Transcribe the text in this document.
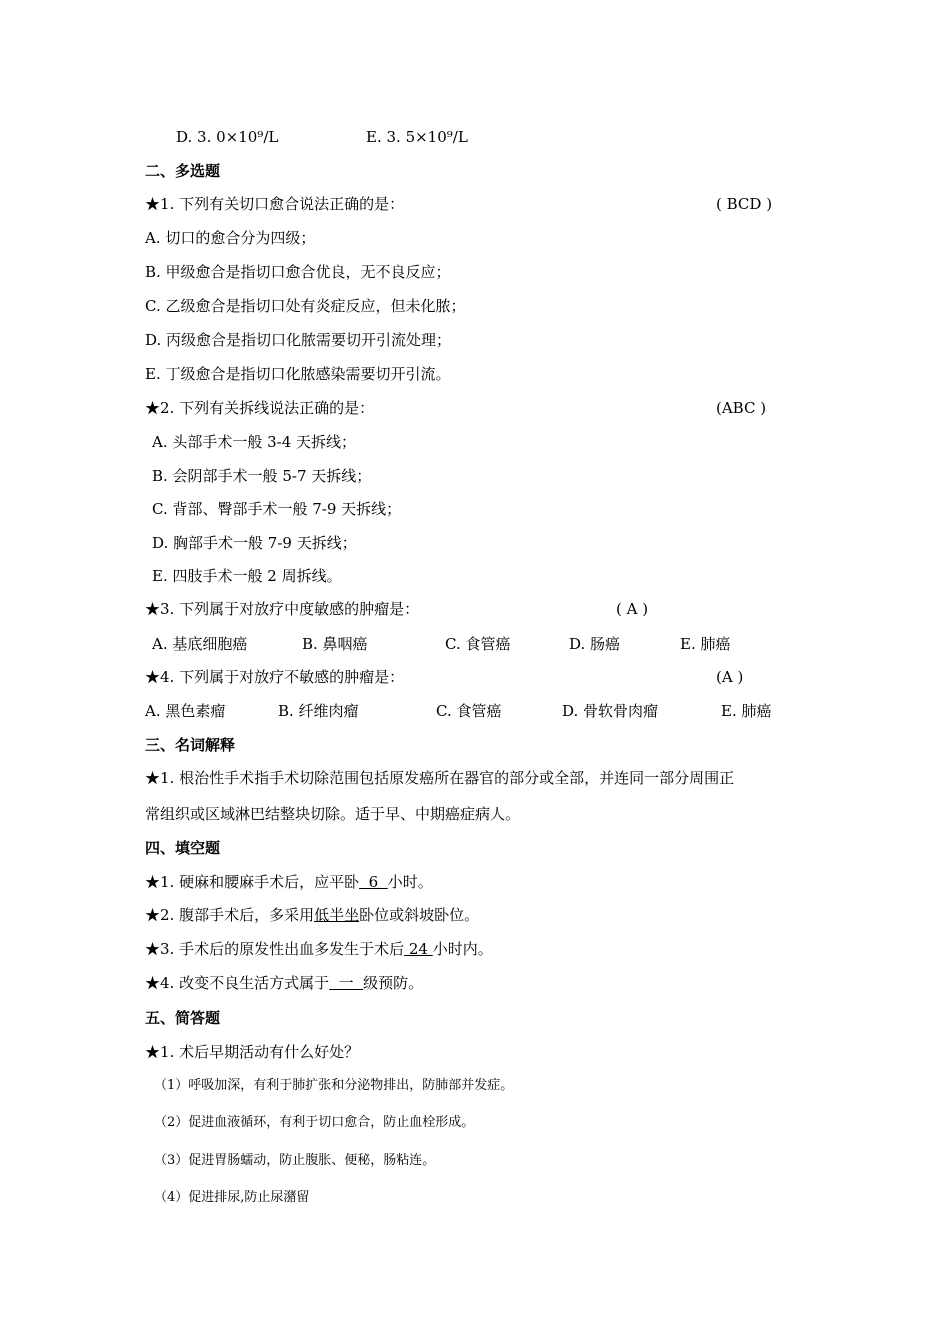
D. 3. 0×10⁹/L	E. 3. 5×10⁹/L
二、多选题
★1. 下列有关切口愈合说法正确的是：	( BCD )
A. 切口的愈合分为四级；
B. 甲级愈合是指切口愈合优良，无不良反应；
C. 乙级愈合是指切口处有炎症反应，但未化脓；
D. 丙级愈合是指切口化脓需要切开引流处理；
E. 丁级愈合是指切口化脓感染需要切开引流。
★2. 下列有关拆线说法正确的是：	(ABC )
A. 头部手术一般 3-4 天拆线；
B. 会阴部手术一般 5-7 天拆线；
C. 背部、臀部手术一般 7-9 天拆线；
D. 胸部手术一般 7-9 天拆线；
E. 四肢手术一般 2 周拆线。
★3. 下列属于对放疗中度敏感的肿瘤是：	( A )
A. 基底细胞癌	B. 鼻咽癌	C. 食管癌	D. 肠癌	E. 肺癌
★4. 下列属于对放疗不敏感的肿瘤是：	(A )
A. 黑色素瘤	B. 纤维肉瘤	C. 食管癌	D. 骨软骨肉瘤	E. 肺癌
三、名词解释
★1. 根治性手术指手术切除范围包括原发癌所在器官的部分或全部，并连同一部分周围正
常组织或区域淋巴结整块切除。适于早、中期癌症病人。
四、填空题
★1. 硬麻和腰麻手术后，应平卧  6  小时。
★2. 腹部手术后，多采用低半坐卧位或斜坡卧位。
★3. 手术后的原发性出血多发生于术后 24 小时内。
★4. 改变不良生活方式属于  一  级预防。
五、简答题
★1. 术后早期活动有什么好处？
（1）呼吸加深，有利于肺扩张和分泌物排出，防肺部并发症。
（2）促进血液循环，有利于切口愈合，防止血栓形成。
（3）促进胃肠蠕动，防止腹胀、便秘，肠粘连。
（4）促进排尿,防止尿潴留
